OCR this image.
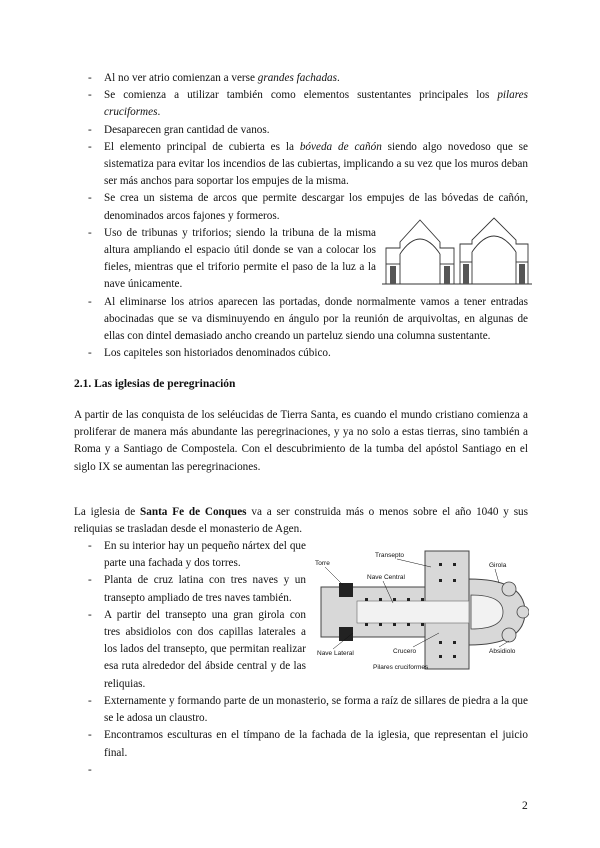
- Al no ver atrio comienzan a verse grandes fachadas.
- Se comienza a utilizar también como elementos sustentantes principales los pilares cruciformes.
- Desaparecen gran cantidad de vanos.
- El elemento principal de cubierta es la bóveda de cañón siendo algo novedoso que se sistematiza para evitar los incendios de las cubiertas, implicando a su vez que los muros deban ser más anchos para soportar los empujes de la misma.
- Se crea un sistema de arcos que permite descargar los empujes de las bóvedas de cañón, denominados arcos fajones y formeros.
- Uso de tribunas y triforios; siendo la tribuna de la misma altura ampliando el espacio útil donde se van a colocar los fieles, mientras que el triforio permite el paso de la luz a la nave únicamente.
- Al eliminarse los atrios aparecen las portadas, donde normalmente vamos a tener entradas abocinadas que se va disminuyendo en ángulo por la reunión de arquivoltas, en algunas de ellas con dintel demasiado ancho creando un parteluz siendo una columna sustentante.
- Los capiteles son historiados denominados cúbico.
2.1. Las iglesias de peregrinación

A partir de las conquista de los seléucidas de Tierra Santa, es cuando el mundo cristiano comienza a proliferar de manera más abundante las peregrinaciones, y ya no solo a estas tierras, sino también a Roma y a Santiago de Compostela. Con el descubrimiento de la tumba del apóstol Santiago en el siglo IX se aumentan las peregrinaciones.

La iglesia de Santa Fe de Conques va a ser construida más o menos sobre el año 1040 y sus reliquias se trasladan desde el monasterio de Agen.

- En su interior hay un pequeño nártex del que parte una fachada y dos torres.
- Planta de cruz latina con tres naves y un transepto ampliado de tres naves también.
- A partir del transepto una gran girola con tres absidiolos con dos capillas laterales a los lados del transepto, que permitan realizar esa ruta alrededor del ábside central y de las reliquias.
- Externamente y formando parte de un monasterio, se forma a raíz de sillares de piedra a la que se le adosa un claustro.
- Encontramos esculturas en el tímpano de la fachada de la iglesia, que representan el juicio final.
-
Torre
Transepto
Nave Central
Girola
Absidiolo
Nave Lateral	Crucero
Pilares cruciformes
2
